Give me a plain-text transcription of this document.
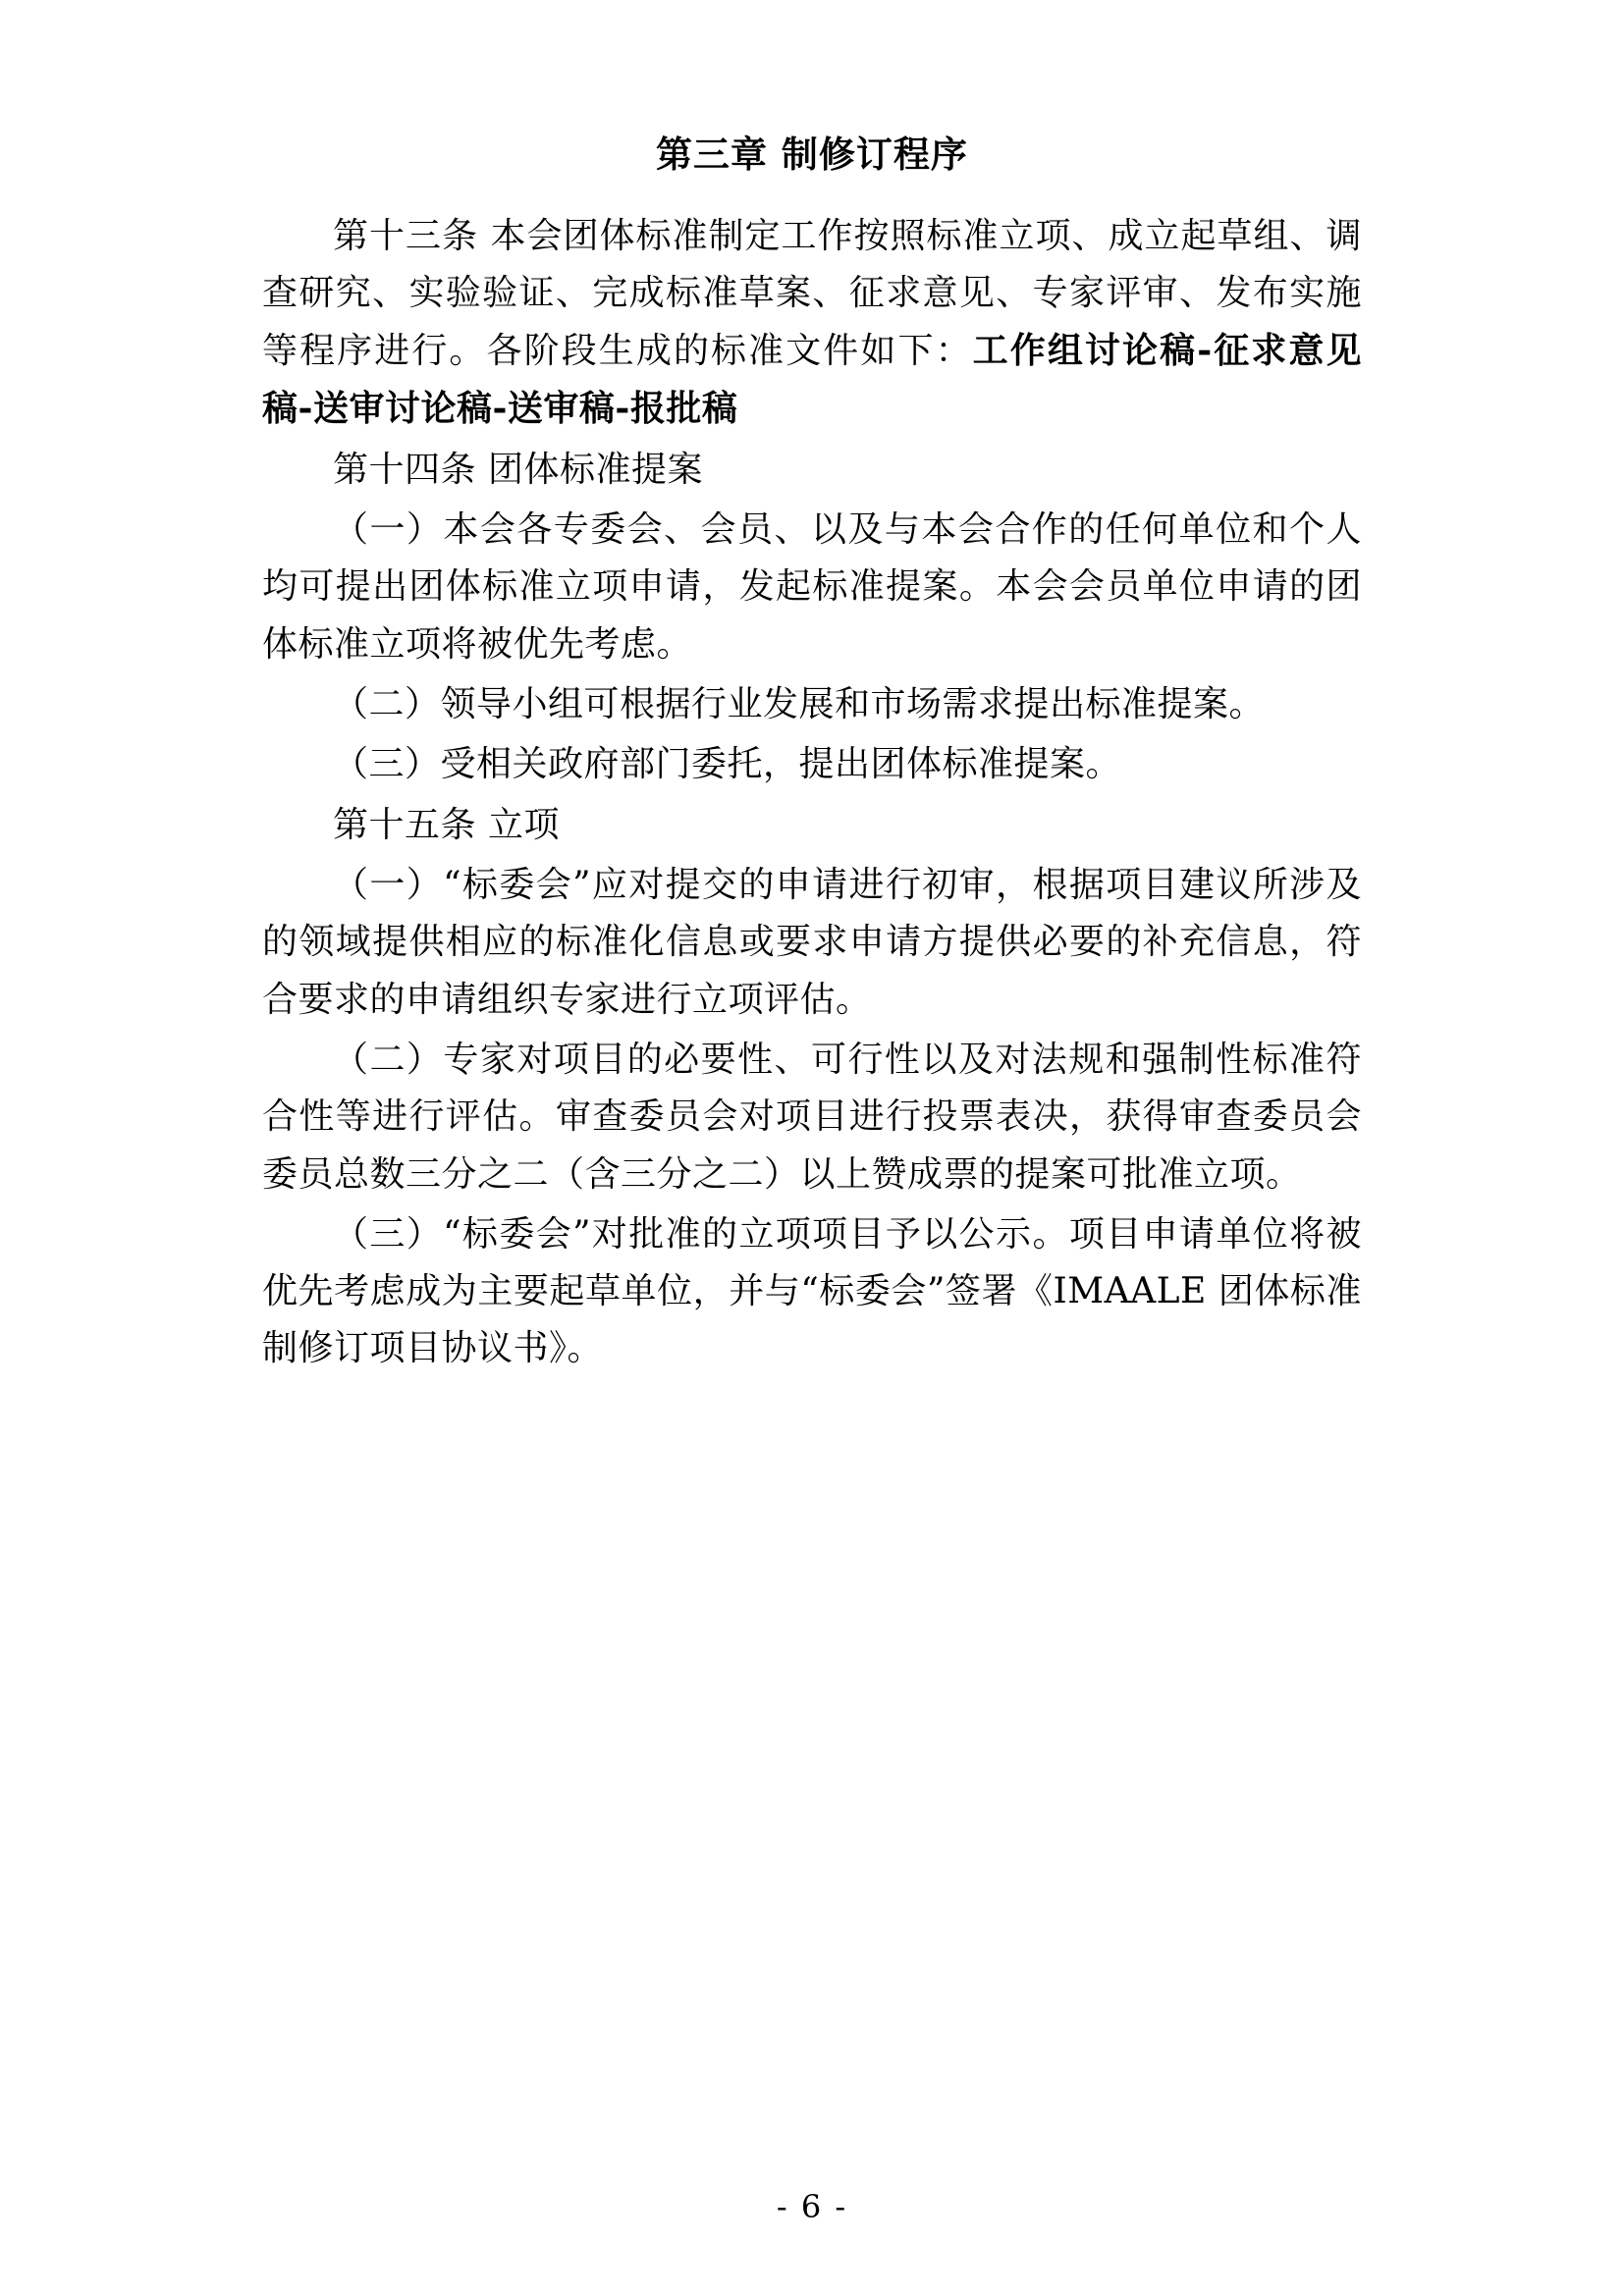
第三章 制修订程序

第十三条 本会团体标准制定工作按照标准立项、成立起草组、调查研究、实验验证、完成标准草案、征求意见、专家评审、发布实施等程序进行。各阶段生成的标准文件如下：工作组讨论稿-征求意见稿-送审讨论稿-送审稿-报批稿

第十四条 团体标准提案

（一）本会各专委会、会员、以及与本会合作的任何单位和个人均可提出团体标准立项申请，发起标准提案。本会会员单位申请的团体标准立项将被优先考虑。

（二）领导小组可根据行业发展和市场需求提出标准提案。

（三）受相关政府部门委托，提出团体标准提案。

第十五条 立项

（一）“标委会”应对提交的申请进行初审，根据项目建议所涉及的领域提供相应的标准化信息或要求申请方提供必要的补充信息，符合要求的申请组织专家进行立项评估。

（二）专家对项目的必要性、可行性以及对法规和强制性标准符合性等进行评估。审查委员会对项目进行投票表决，获得审查委员会委员总数三分之二（含三分之二）以上赞成票的提案可批准立项。

（三）“标委会”对批准的立项项目予以公示。项目申请单位将被优先考虑成为主要起草单位，并与“标委会”签署《IMAALE 团体标准制修订项目协议书》。

- 6 -
